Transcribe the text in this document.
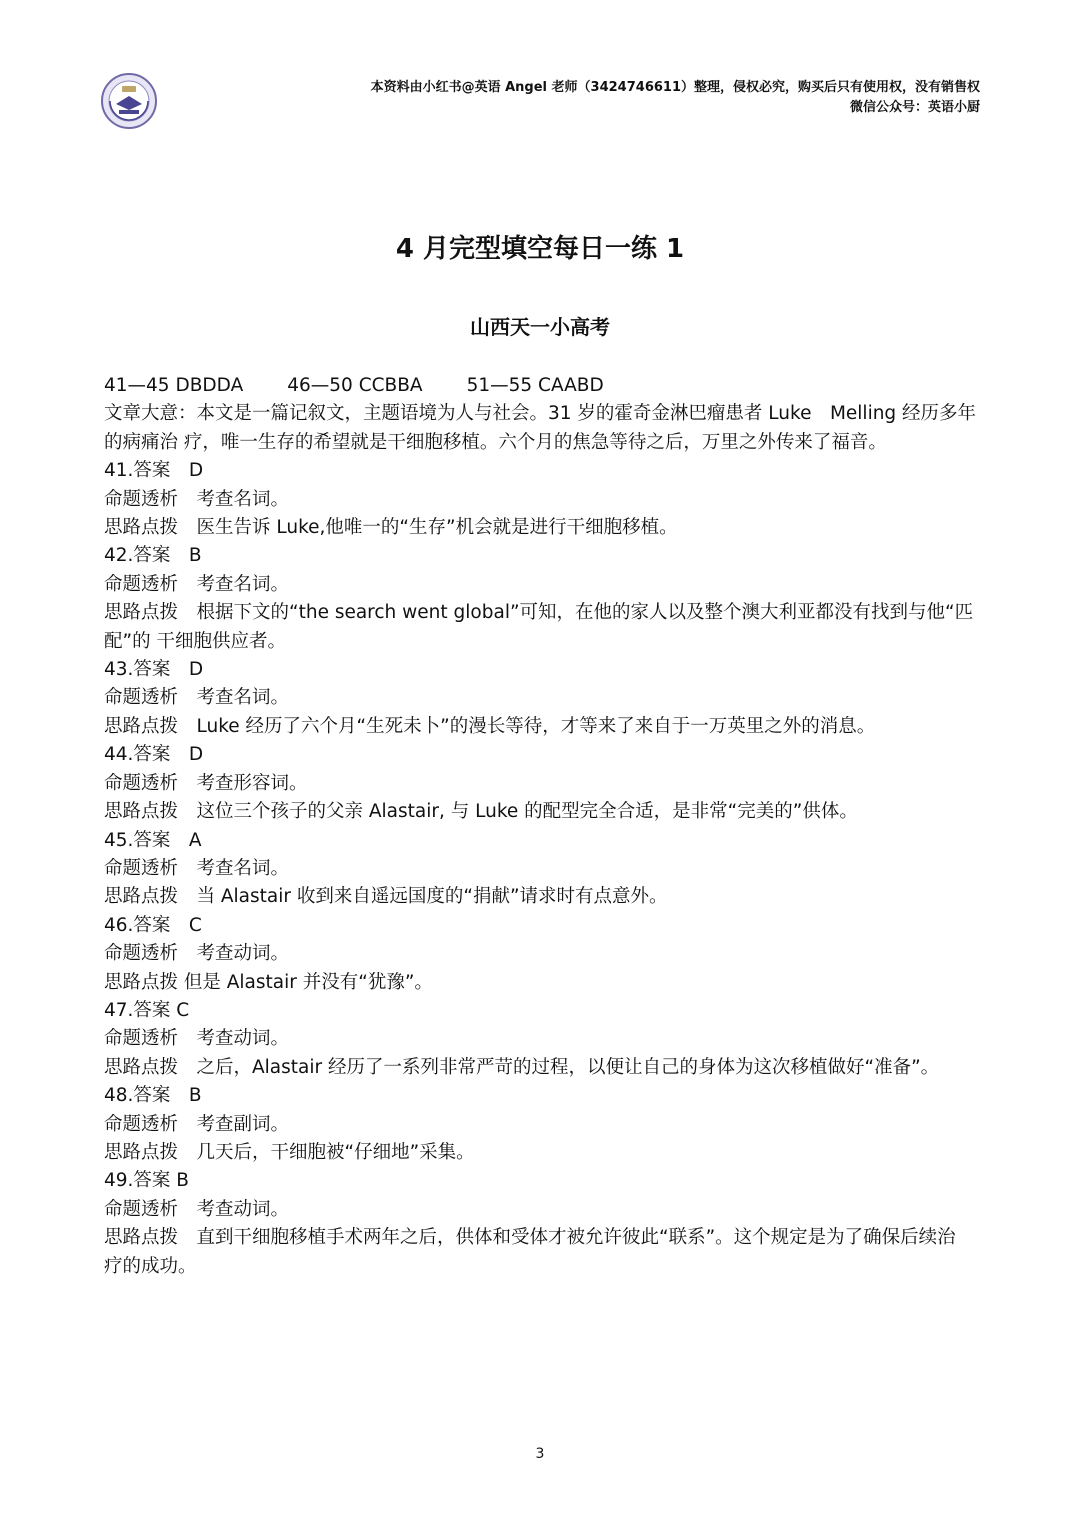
本资料由小红书@英语 Angel 老师（3424746611）整理，侵权必究，购买后只有使用权，没有销售权
微信公众号：英语小厨
4 月完型填空每日一练 1
山西天一小高考

41—45 DBDDA 46—50 CCBBA 51—55 CAABD

文章大意：本文是一篇记叙文，主题语境为人与社会。31 岁的霍奇金淋巴瘤患者 Luke　Melling 经历多年的病痛治 疗，唯一生存的希望就是干细胞移植。六个月的焦急等待之后，万里之外传来了福音。

41.答案　D

命题透析　考查名词。

思路点拨　医生告诉 Luke,他唯一的“生存”机会就是进行干细胞移植。

42.答案　B

命题透析　考查名词。

思路点拨　根据下文的“the search went global”可知，在他的家人以及整个澳大利亚都没有找到与他“匹配”的 干细胞供应者。

43.答案　D

命题透析　考查名词。

思路点拨　Luke 经历了六个月“生死未卜”的漫长等待，才等来了来自于一万英里之外的消息。

44.答案　D

命题透析　考查形容词。

思路点拨　这位三个孩子的父亲 Alastair, 与 Luke 的配型完全合适，是非常“完美的”供体。

45.答案　A

命题透析　考查名词。

思路点拨　当 Alastair 收到来自遥远国度的“捐献”请求时有点意外。

46.答案　C

命题透析　考查动词。

思路点拨 但是 Alastair 并没有“犹豫”。

47.答案 C

命题透析　考查动词。

思路点拨　之后，Alastair 经历了一系列非常严苛的过程，以便让自己的身体为这次移植做好“准备”。

48.答案　B

命题透析　考查副词。

思路点拨　几天后，干细胞被“仔细地”采集。

49.答案 B

命题透析　考查动词。

思路点拨　直到干细胞移植手术两年之后，供体和受体才被允许彼此“联系”。这个规定是为了确保后续治

疗的成功。

3
